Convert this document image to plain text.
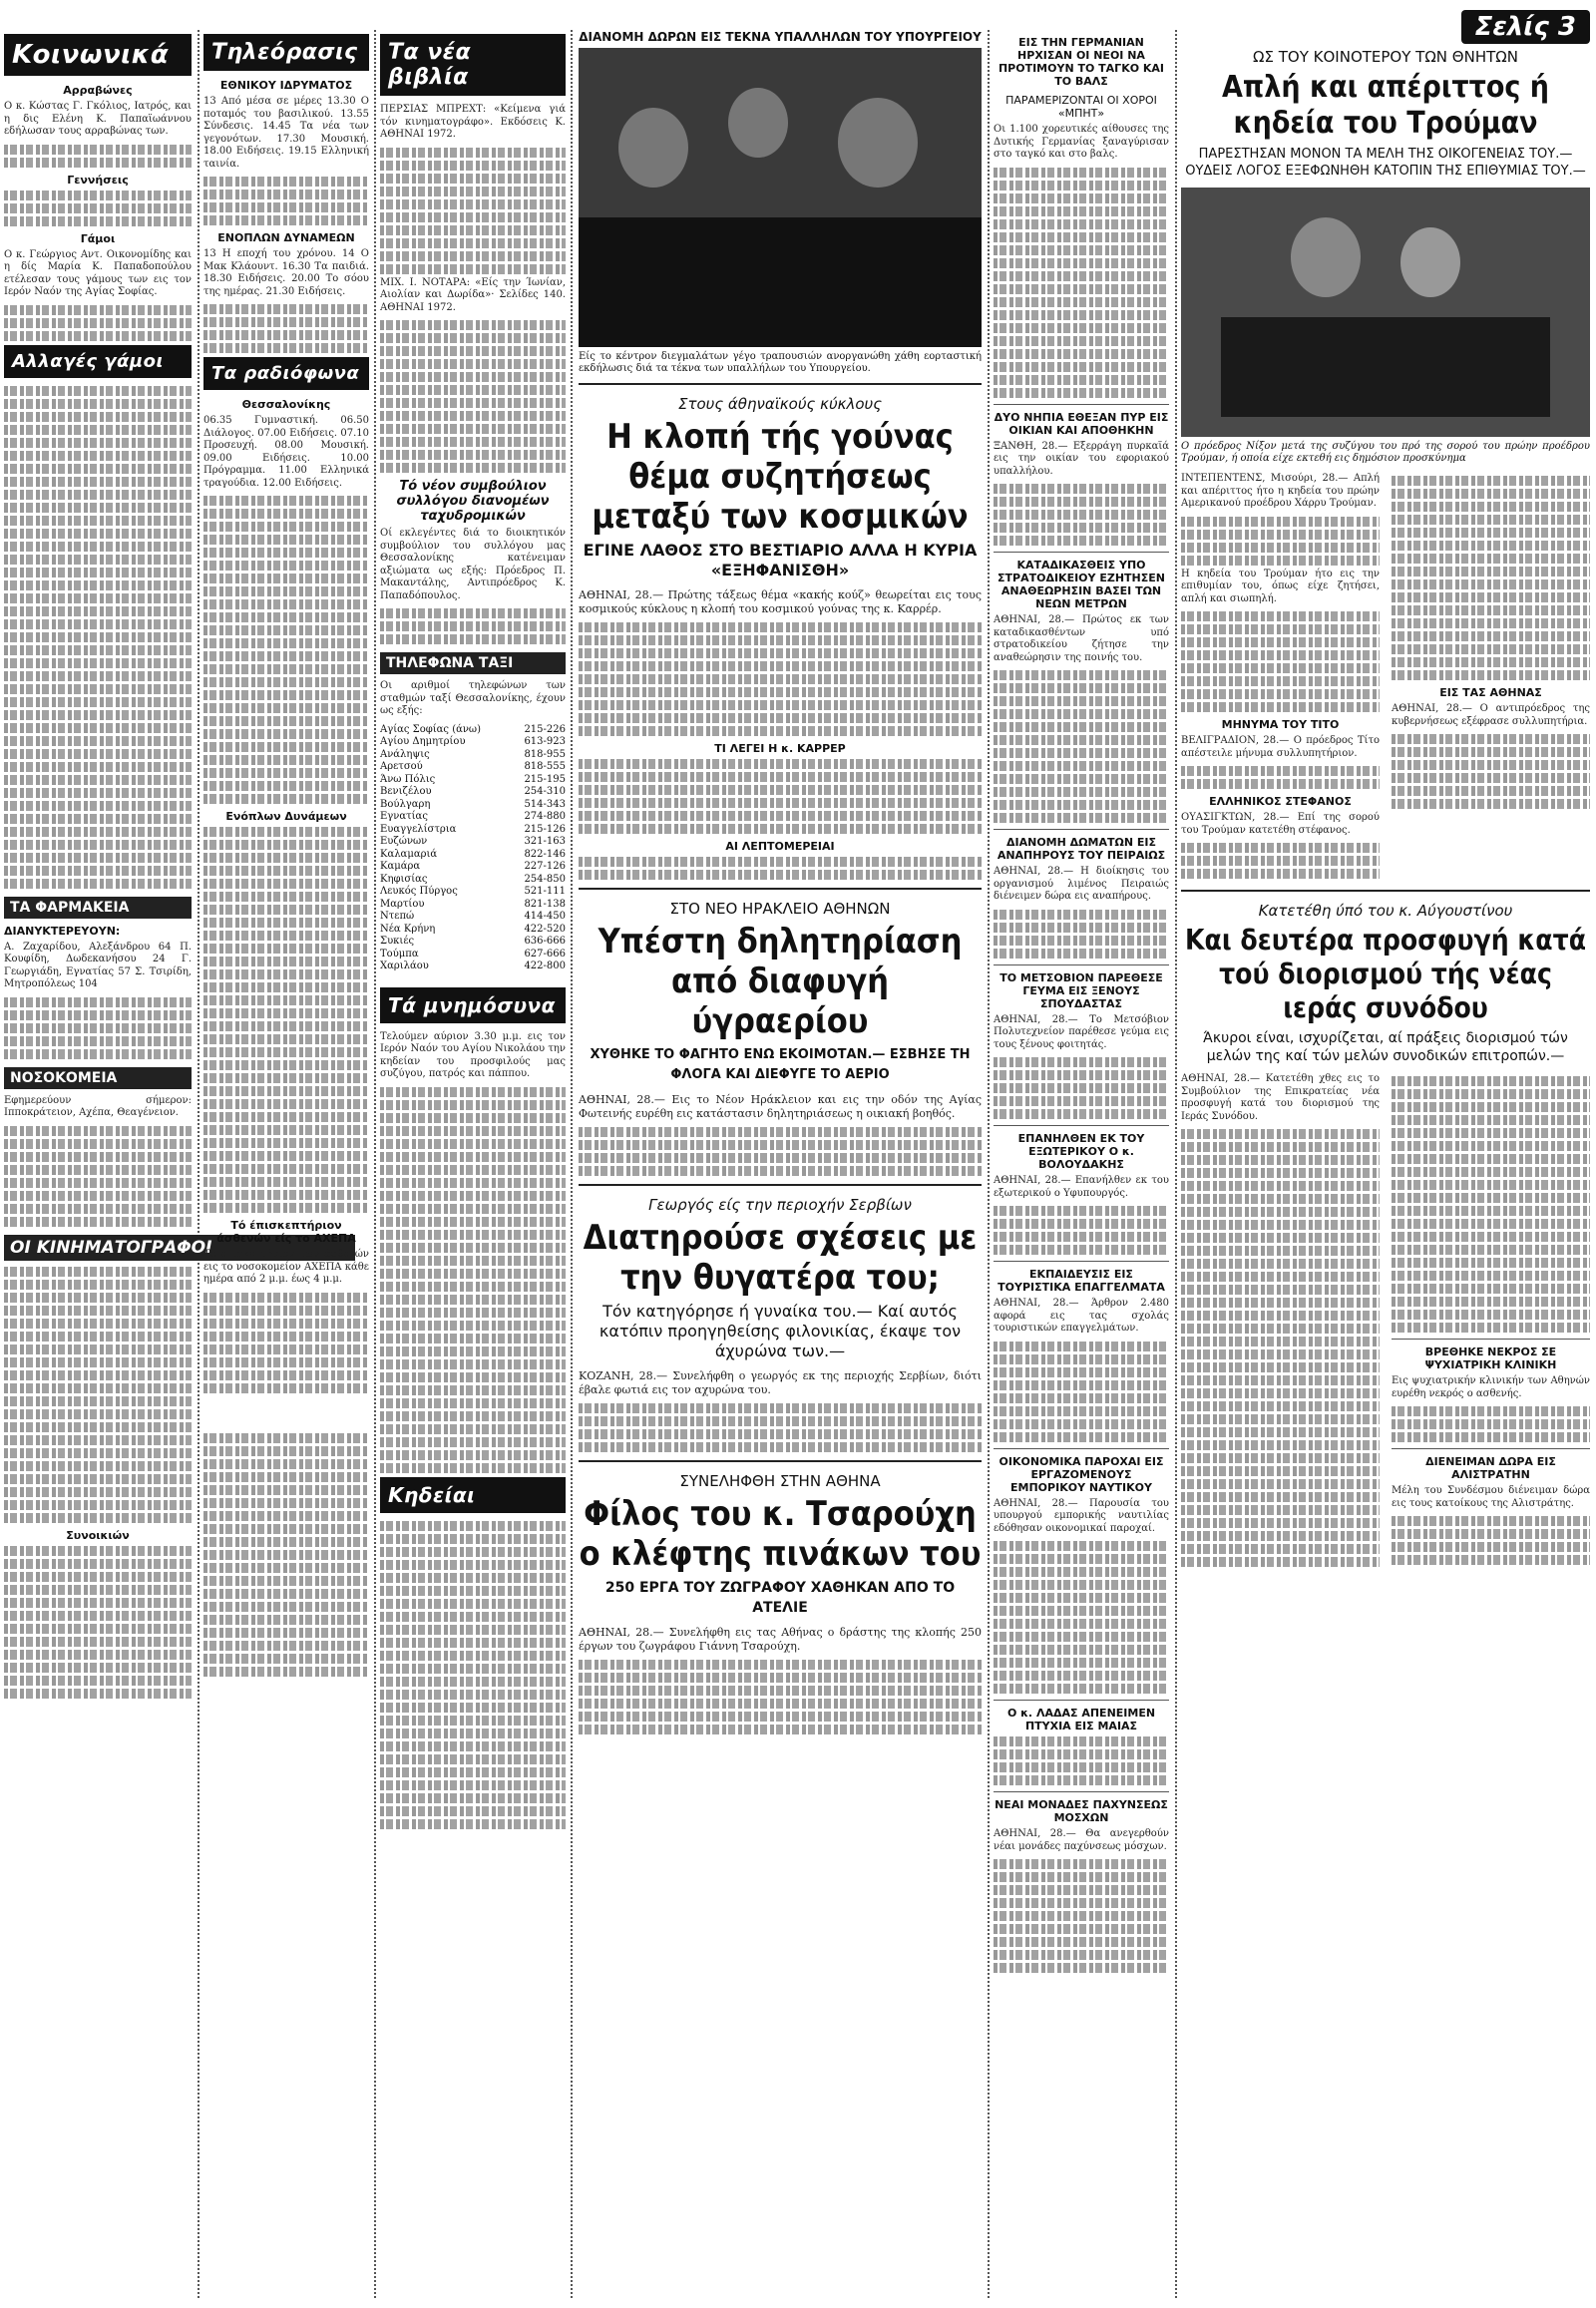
Κοινωνικά
Αρραβώνες

Ο κ. Κώστας Γ. Γκόλιος, Ιατρός, και η δις Ελένη Κ. Παπαϊωάννου εδήλωσαν τους αρραβώνας των.

Γεννήσεις
Γάμοι

Ο κ. Γεώργιος Αντ. Οικονομίδης και η δίς Μαρία Κ. Παπαδοπούλου ετέλεσαν τους γάμους των εις τον Ιερόν Ναόν της Αγίας Σοφίας.

Αλλαγές γάμοι
ΤΑ ΦΑΡΜΑΚΕΙΑ
ΔΙΑΝΥΚΤΕΡΕΥΟΥΝ:

Α. Ζαχαρίδου, Αλεξάνδρου 64 Π. Κουφίδη, Δωδεκανήσου 24 Γ. Γεωργιάδη, Εγνατίας 57 Σ. Τσιρίδη, Μητροπόλεως 104

ΝΟΣΟΚΟΜΕΙΑ

Εφημερεύουν σήμερον: Ιπποκράτειον, Αχέπα, Θεαγένειον.

ΟΙ ΚΙΝΗΜΑΤΟΓΡΑΦΟΙ
Συνοικιών
Τηλεόρασις
ΕΘΝΙΚΟΥ ΙΔΡΥΜΑΤΟΣ

13 Από μέσα σε μέρες 13.30 Ο ποταμός του βασιλικού. 13.55 Σύνδεσις. 14.45 Τα νέα των γεγονότων. 17.30 Μουσική. 18.00 Ειδήσεις. 19.15 Ελληνική ταινία.

ΕΝΟΠΛΩΝ ΔΥΝΑΜΕΩΝ

13 Η εποχή του χρόνου. 14 Ο Μακ Κλάουντ. 16.30 Τα παιδιά. 18.30 Ειδήσεις. 20.00 Το σόου της ημέρας. 21.30 Ειδήσεις.

Τα ραδιόφωνα
Θεσσαλονίκης

06.35 Γυμναστική. 06.50 Διάλογος. 07.00 Ειδήσεις. 07.10 Προσευχή. 08.00 Μουσική. 09.00 Ειδήσεις. 10.00 Πρόγραμμα. 11.00 Ελληνικά τραγούδια. 12.00 Ειδήσεις.

Ενόπλων Δυνάμεων
Τό έπισκεπτήριον άσθενών είς το ΑΧΕΠΑ

Το έπισκεπτήριον των άσθενών εις το νοσοκομείον ΑΧΕΠΑ κάθε ημέρα από 2 μ.μ. έως 4 μ.μ.

Τα νέα βιβλία

ΠΕΡΣΙΑΣ ΜΠΡΕΧΤ: «Κείμενα γιά τόν κινηματογράφο». Εκδόσεις Κ. ΑΘΗΝΑΙ 1972.

ΜΙΧ. Ι. ΝΟΤΑΡΑ: «Είς την Ίωνίαν, Αιολίαν και Δωρίδα»· Σελίδες 140. ΑΘΗΝΑΙ 1972.

Τό νέον συμβούλιον συλλόγου διανομέων ταχυδρομικών

Οί εκλεγέντες διά το διοικητικόν συμβούλιον του συλλόγου μας Θεσσαλονίκης κατένειμαν αξιώματα ως εξής: Πρόεδρος Π. Μακαντάλης, Αντιπρόεδρος Κ. Παπαδόπουλος.

ΤΗΛΕΦΩΝΑ ΤΑΞΙ

Οι αριθμοί τηλεφώνων των σταθμών ταξί Θεσσαλονίκης, έχουν ως εξής:

Αγίας Σοφίας (άνω)	215-226
Αγίου Δημητρίου	613-923
Ανάληψις	818-955
Αρετσού	818-555
Άνω Πόλις	215-195
Βενιζέλου	254-310
Βούλγαρη	514-343
Εγνατίας	274-880
Ευαγγελίστρια	215-126
Ευζώνων	321-163
Καλαμαριά	822-146
Καμάρα	227-126
Κηφισίας	254-850
Λευκός Πύργος	521-111
Μαρτίου	821-138
Ντεπώ	414-450
Νέα Κρήνη	422-520
Συκιές	636-666
Τούμπα	627-666
Χαριλάου	422-800
Τά μνημόσυνα

Τελούμεν αύριον 3.30 μ.μ. εις τον Ιερόν Ναόν του Αγίου Νικολάου την κηδείαν του προσφιλούς μας συζύγου, πατρός και πάππου.

Κηδείαι
ΔΙΑΝΟΜΗ ΔΩΡΩΝ ΕΙΣ ΤΕΚΝΑ ΥΠΑΛΛΗΛΩΝ ΤΟΥ ΥΠΟΥΡΓΕΙΟΥ

Είς το κέντρον διεγμαλάτων γέγο τραπουσιών ανοργανώθη χάθη εορταστική εκδήλωσις διά τα τέκνα των υπαλλήλων του Υπουργείου.

Στους άθηναϊκούς κύκλους
Η κλοπή τής γούνας θέμα συζητήσεως μεταξύ των κοσμικών
ΕΓΙΝΕ ΛΑΘΟΣ ΣΤΟ ΒΕΣΤΙΑΡΙΟ ΑΛΛΑ Η ΚΥΡΙΑ «ΕΞΗΦΑΝΙΣΘΗ»

ΑΘΗΝΑΙ, 28.— Πρώτης τάξεως θέμα «κακής κούζ» θεωρείται εις τους κοσμικούς κύκλους η κλοπή του κοσμικού γούνας της κ. Καρρέρ.

ΤΙ ΛΕΓΕΙ Η κ. ΚΑΡΡΕΡ
ΑΙ ΛΕΠΤΟΜΕΡΕΙΑΙ
ΣΤΟ ΝΕΟ ΗΡΑΚΛΕΙΟ ΑΘΗΝΩΝ
Υπέστη δηλητηρίαση από διαφυγή ύγραερίου
ΧΥΘΗΚΕ ΤΟ ΦΑΓΗΤΟ ΕΝΩ ΕΚΟΙΜΟΤΑΝ.— ΕΣΒΗΣΕ ΤΗ ΦΛΟΓΑ ΚΑΙ ΔΙΕΦΥΓΕ ΤΟ ΑΕΡΙΟ

ΑΘΗΝΑΙ, 28.— Εις το Νέον Ηράκλειον και εις την οδόν της Αγίας Φωτεινής ευρέθη εις κατάστασιν δηλητηριάσεως η οικιακή βοηθός.

Γεωργός είς την περιοχήν Σερβίων
Διατηρούσε σχέσεις με την θυγατέρα του;
Τόν κατηγόρησε ή γυναίκα του.— Καί αυτός κατόπιν προηγηθείσης φιλονικίας, έκαψε τον άχυρώνα των.—

ΚΟΖΑΝΗ, 28.— Συνελήφθη ο γεωργός εκ της περιοχής Σερβίων, διότι έβαλε φωτιά εις τον αχυρώνα του.

ΣΥΝΕΛΗΦΘΗ ΣΤΗΝ ΑΘΗΝΑ
Φίλος του κ. Τσαρούχη ο κλέφτης πινάκων του
250 ΕΡΓΑ ΤΟΥ ΖΩΓΡΑΦΟΥ ΧΑΘΗΚΑΝ ΑΠΟ ΤΟ ΑΤΕΛΙΕ

ΑΘΗΝΑΙ, 28.— Συνελήφθη εις τας Αθήνας ο δράστης της κλοπής 250 έργων του ζωγράφου Γιάννη Τσαρούχη.

ΕΙΣ ΤΗΝ ΓΕΡΜΑΝΙΑΝ ΗΡΧΙΣΑΝ ΟΙ ΝΕΟΙ ΝΑ ΠΡΟΤΙΜΟΥΝ ΤΟ ΤΑΓΚΟ ΚΑΙ ΤΟ ΒΑΛΣ
ΠΑΡΑΜΕΡΙΖΟΝΤΑΙ ΟΙ ΧΟΡΟΙ «ΜΠΗΤ»

Οι 1.100 χορευτικές αίθουσες της Δυτικής Γερμανίας ξαναγύρισαν στο ταγκό και στο βαλς.

ΔΥΟ ΝΗΠΙΑ ΕΘΕΞΑΝ ΠΥΡ ΕΙΣ ΟΙΚΙΑΝ ΚΑΙ ΑΠΟΘΗΚΗΝ

ΞΑΝΘΗ, 28.— Εξερράγη πυρκαϊά εις την οικίαν του εφοριακού υπαλλήλου.

ΚΑΤΑΔΙΚΑΣΘΕΙΣ ΥΠΟ ΣΤΡΑΤΟΔΙΚΕΙΟΥ ΕΖΗΤΗΣΕΝ ΑΝΑΘΕΩΡΗΣΙΝ ΒΑΣΕΙ ΤΩΝ ΝΕΩΝ ΜΕΤΡΩΝ

ΑΘΗΝΑΙ, 28.— Πρώτος εκ των καταδικασθέντων υπό στρατοδικείου ζήτησε την αναθεώρησιν της ποινής του.

ΔΙΑΝΟΜΗ ΔΩΜΑΤΩΝ ΕΙΣ ΑΝΑΠΗΡΟΥΣ ΤΟΥ ΠΕΙΡΑΙΩΣ

ΑΘΗΝΑΙ, 28.— Η διοίκησις του οργανισμού λιμένος Πειραιώς διένειμεν δώρα εις αναπήρους.

ΤΟ ΜΕΤΣΟΒΙΟΝ ΠΑΡΕΘΕΣΕ ΓΕΥΜΑ ΕΙΣ ΞΕΝΟΥΣ ΣΠΟΥΔΑΣΤΑΣ

ΑΘΗΝΑΙ, 28.— Το Μετσόβιον Πολυτεχνείον παρέθεσε γεύμα εις τους ξένους φοιτητάς.

ΕΠΑΝΗΛΘΕΝ ΕΚ ΤΟΥ ΕΞΩΤΕΡΙΚΟΥ Ο κ. ΒΟΛΟΥΔΑΚΗΣ

ΑΘΗΝΑΙ, 28.— Επανήλθεν εκ του εξωτερικού ο Υφυπουργός.

ΕΚΠΑΙΔΕΥΣΙΣ ΕΙΣ ΤΟΥΡΙΣΤΙΚΑ ΕΠΑΓΓΕΛΜΑΤΑ

ΑΘΗΝΑΙ, 28.— Άρθρον 2.480 αφορά εις τας σχολάς τουριστικών επαγγελμάτων.

ΟΙΚΟΝΟΜΙΚΑ ΠΑΡΟΧΑΙ ΕΙΣ ΕΡΓΑΖΟΜΕΝΟΥΣ ΕΜΠΟΡΙΚΟΥ ΝΑΥΤΙΚΟΥ

ΑΘΗΝΑΙ, 28.— Παρουσία του υπουργού εμπορικής ναυτιλίας εδόθησαν οικονομικαί παροχαί.

Ο κ. ΛΑΔΑΣ ΑΠΕΝΕΙΜΕΝ ΠΤΥΧΙΑ ΕΙΣ ΜΑΙΑΣ
ΝΕΑΙ ΜΟΝΑΔΕΣ ΠΑΧΥΝΣΕΩΣ ΜΟΣΧΩΝ

ΑΘΗΝΑΙ, 28.— Θα ανεγερθούν νέαι μονάδες παχύνσεως μόσχων.

Σελίς 3
ΩΣ ΤΟΥ ΚΟΙΝΟΤΕΡΟΥ ΤΩΝ ΘΝΗΤΩΝ
Απλή και απέριττος ή κηδεία του Τρούμαν
ΠΑΡΕΣΤΗΣΑΝ ΜΟΝΟΝ ΤΑ ΜΕΛΗ ΤΗΣ ΟΙΚΟΓΕΝΕΙΑΣ ΤΟΥ.— ΟΥΔΕΙΣ ΛΟΓΟΣ ΕΞΕΦΩΝΗΘΗ ΚΑΤΟΠΙΝ ΤΗΣ ΕΠΙΘΥΜΙΑΣ ΤΟΥ.—

Ο πρόεδρος Νίξον μετά της συζύγου του πρό της σορού του πρώην προέδρου Τρούμαν, ή οποία είχε εκτεθή εις δημόσιον προσκύνημα

ΙΝΤΕΠΕΝΤΕΝΣ, Μισούρι, 28.— Απλή και απέριττος ήτο η κηδεία του πρώην Αμερικανού προέδρου Χάρρυ Τρούμαν.

Η κηδεία του Τρούμαν ήτο εις την επιθυμίαν του, όπως είχε ζητήσει, απλή και σιωπηλή.

ΜΗΝΥΜΑ ΤΟΥ ΤΙΤΟ

ΒΕΛΙΓΡΑΔΙΟΝ, 28.— Ο πρόεδρος Τίτο απέστειλε μήνυμα συλλυπητήριον.

ΕΛΛΗΝΙΚΟΣ ΣΤΕΦΑΝΟΣ

ΟΥΑΣΙΓΚΤΩΝ, 28.— Επί της σορού του Τρούμαν κατετέθη στέφανος.

ΕΙΣ ΤΑΣ ΑΘΗΝΑΣ

ΑΘΗΝΑΙ, 28.— Ο αντιπρόεδρος της κυβερνήσεως εξέφρασε συλλυπητήρια.

Κατετέθη ύπό του κ. Αύγουστίνου
Και δευτέρα προσφυγή κατά τού διορισμού τής νέας ιεράς συνόδου
Άκυροι είναι, ισχυρίζεται, αί πράξεις διορισμού τών μελών της καί τών μελών συνοδικών επιτροπών.—

ΑΘΗΝΑΙ, 28.— Κατετέθη χθες εις το Συμβούλιον της Επικρατείας νέα προσφυγή κατά του διορισμού της Ιεράς Συνόδου.

ΒΡΕΘΗΚΕ ΝΕΚΡΟΣ ΣΕ ΨΥΧΙΑΤΡΙΚΗ ΚΛΙΝΙΚΗ

Εις ψυχιατρικήν κλινικήν των Αθηνών ευρέθη νεκρός ο ασθενής.

ΔΙΕΝΕΙΜΑΝ ΔΩΡΑ ΕΙΣ ΑΛΙΣΤΡΑΤΗΝ

Μέλη του Συνδέσμου διένειμαν δώρα εις τους κατοίκους της Αλιστράτης.
